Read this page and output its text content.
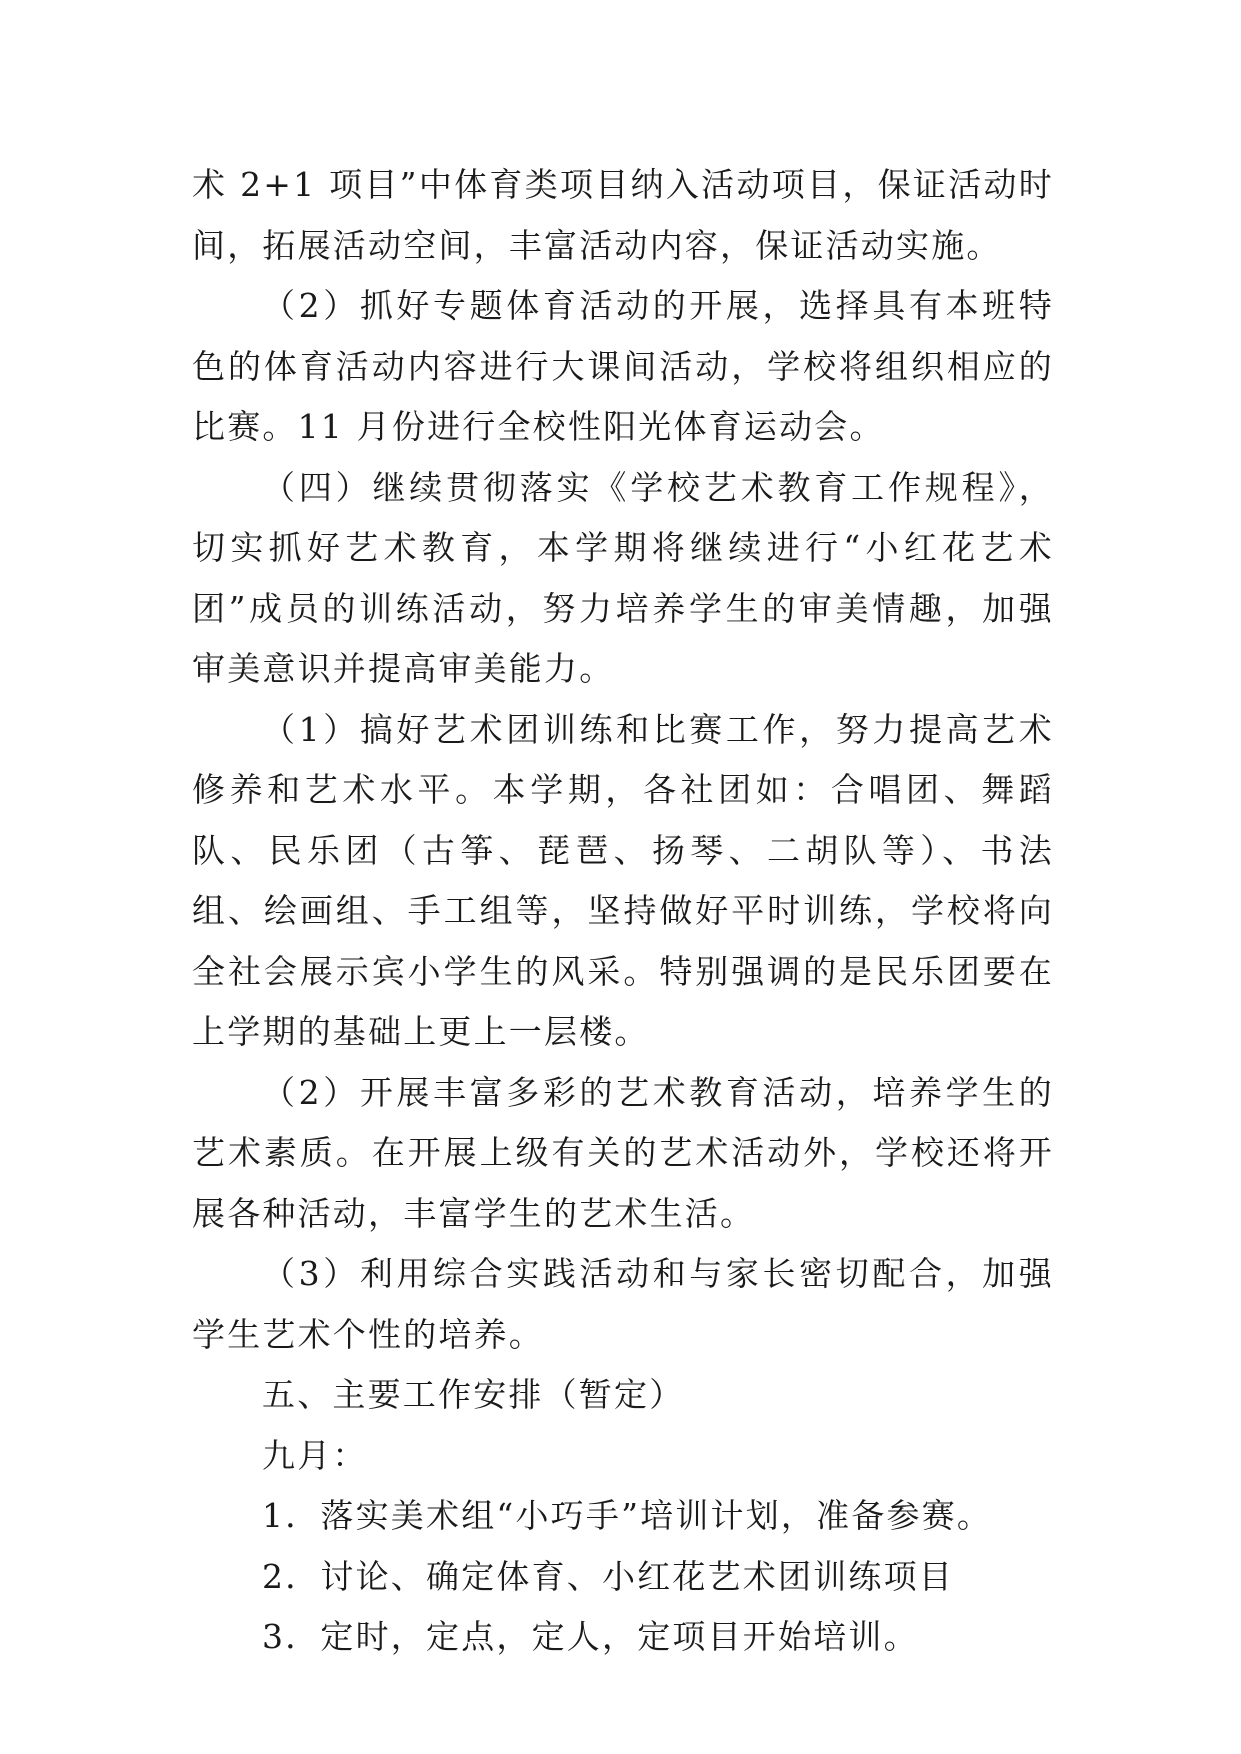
术 2+1 项目”中体育类项目纳入活动项目，保证活动时间，拓展活动空间，丰富活动内容，保证活动实施。

（2）抓好专题体育活动的开展，选择具有本班特色的体育活动内容进行大课间活动，学校将组织相应的比赛。11 月份进行全校性阳光体育运动会。

（四）继续贯彻落实《学校艺术教育工作规程》，切实抓好艺术教育，本学期将继续进行“小红花艺术团”成员的训练活动，努力培养学生的审美情趣，加强审美意识并提高审美能力。

（1）搞好艺术团训练和比赛工作，努力提高艺术修养和艺术水平。本学期，各社团如：合唱团、舞蹈队、民乐团（古筝、琵琶、扬琴、二胡队等）、书法组、绘画组、手工组等，坚持做好平时训练，学校将向全社会展示宾小学生的风采。特别强调的是民乐团要在上学期的基础上更上一层楼。

（2）开展丰富多彩的艺术教育活动，培养学生的艺术素质。在开展上级有关的艺术活动外，学校还将开展各种活动，丰富学生的艺术生活。

（3）利用综合实践活动和与家长密切配合，加强学生艺术个性的培养。

五、主要工作安排（暂定）

九月：

1．落实美术组“小巧手”培训计划，准备参赛。

2．讨论、确定体育、小红花艺术团训练项目

3．定时，定点，定人，定项目开始培训。
